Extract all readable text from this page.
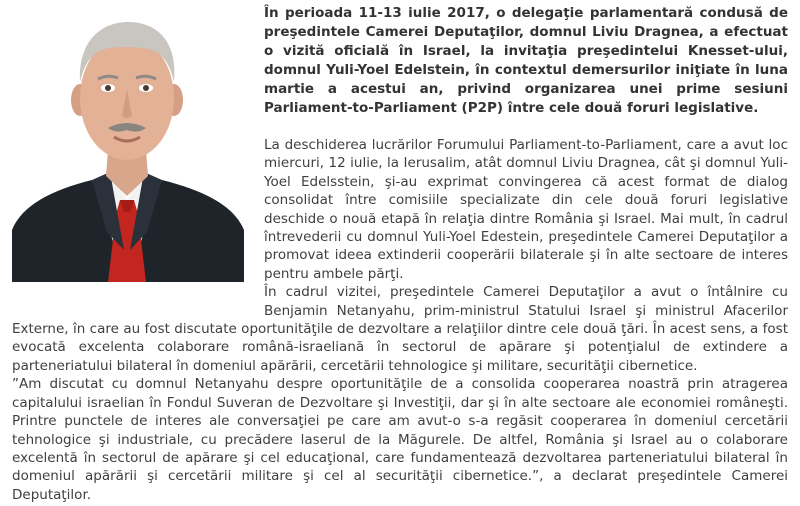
În perioada 11-13 iulie 2017, o delegaţie parlamentară condusă de preşedintele Camerei Deputaţilor, domnul Liviu Dragnea, a efectuat o vizită oficială în Israel, la invitaţia preşedintelui Knesset-ului, domnul Yuli-Yoel Edelstein, în contextul demersurilor iniţiate în luna martie a acestui an, privind organizarea unei prime sesiuni Parliament-to-Parliament (P2P) între cele două foruri legislative.

La deschiderea lucrărilor Forumului Parliament-to-Parliament, care a avut loc miercuri, 12 iulie, la Ierusalim, atât domnul Liviu Dragnea, cât şi domnul Yuli-Yoel Edelsstein, şi-au exprimat convingerea că acest format de dialog consolidat între comisiile specializate din cele două foruri legislative deschide o nouă etapă în relaţia dintre România şi Israel. Mai mult, în cadrul întrevederii cu domnul Yuli-Yoel Edestein, preşedintele Camerei Deputaţilor a promovat ideea extinderii cooperării bilaterale şi în alte sectoare de interes pentru ambele părţi.

În cadrul vizitei, preşedintele Camerei Deputaţilor a avut o întâlnire cu Benjamin Netanyahu, prim-ministrul Statului Israel şi ministrul Afacerilor Externe, în care au fost discutate oportunităţile de dezvoltare a relaţiilor dintre cele două ţări. În acest sens, a fost evocată excelenta colaborare română-israeliană în sectorul de apărare şi potenţialul de extindere a parteneriatului bilateral în domeniul apărării, cercetării tehnologice şi militare, securităţii cibernetice.

”Am discutat cu domnul Netanyahu despre oportunităţile de a consolida cooperarea noastră prin atragerea capitalului israelian în Fondul Suveran de Dezvoltare şi Investiţii, dar şi în alte sectoare ale economiei româneşti. Printre punctele de interes ale conversaţiei pe care am avut-o s-a regăsit cooperarea în domeniul cercetării tehnologice şi industriale, cu precădere laserul de la Măgurele. De altfel, România şi Israel au o colaborare excelentă în sectorul de apărare şi cel educaţional, care fundamentează dezvoltarea parteneriatului bilateral în domeniul apărării şi cercetării militare şi cel al securităţii cibernetice.”, a declarat preşedintele Camerei Deputaţilor.
